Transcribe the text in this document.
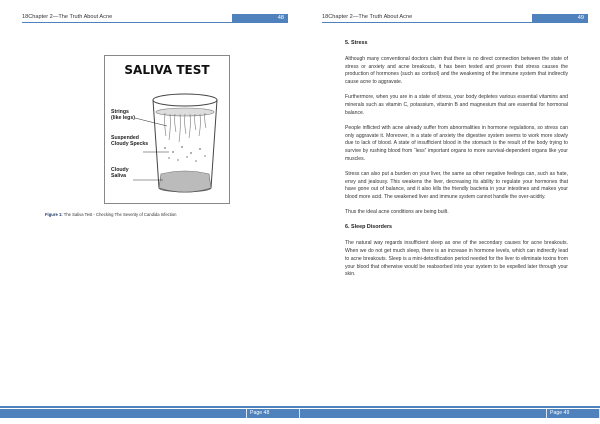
18Chapter 2—The Truth About Acne	48
SALIVA TEST
Strings
(like legs)
Suspended
Cloudy Specks
Cloudy
Saliva
Figure 1: The Saliva Test - Checking The Severity of Candida Infection
Page 48
18Chapter 2—The Truth About Acne	49
Page 49
5. Stress

Although many conventional doctors claim that there is no direct connection between the state of stress or anxiety and acne breakouts, it has been tested and proven that stress causes the production of hormones (such as cortisol) and the weakening of the immune system that indirectly cause acne to aggravate.

Furthermore, when you are in a state of stress, your body depletes various essential vitamins and minerals such as vitamin C, potassium, vitamin B and magnesium that are essential for hormonal balance.

People inflicted with acne already suffer from abnormalities in hormone regulations, so stress can only aggravate it. Moreover, in a state of anxiety the digestive system seems to work more slowly due to lack of blood. A state of insufficient blood in the stomach is the result of the body trying to survive by rushing blood from “less” important organs to more survival-dependent organs like your muscles.

Stress can also put a burden on your liver, the same as other negative feelings can, such as hate, envy and jealousy. This weakens the liver, decreasing its ability to regulate your hormones that have gone out of balance, and it also kills the friendly bacteria in your intestines and makes your blood more acid. The weakened liver and immune system cannot handle the over-acidity.

Thus the ideal acne conditions are being built.

6. Sleep Disorders

The natural way regards insufficient sleep as one of the secondary causes for acne breakouts. When we do not get much sleep, there is an increase in hormone levels, which can indirectly lead to acne breakouts. Sleep is a mini-detoxification period needed for the liver to eliminate toxins from your blood that otherwise would be reabsorbed into your system to be expelled later through your skin.
